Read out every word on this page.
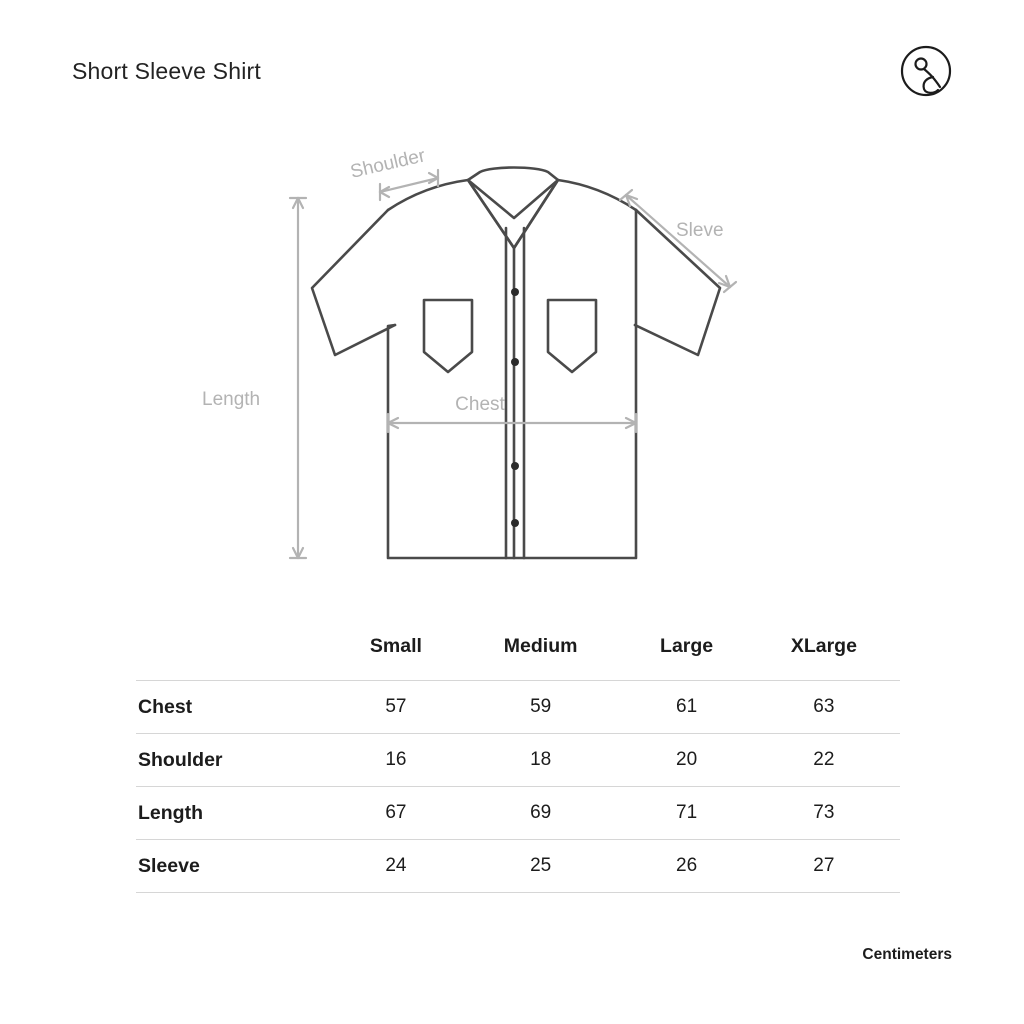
Short Sleeve Shirt
Shoulder
Sleve
Length	Chest
	Small	Medium	Large	XLarge
Chest	57	59	61	63
Shoulder	16	18	20	22
Length	67	69	71	73
Sleeve	24	25	26	27
Centimeters
